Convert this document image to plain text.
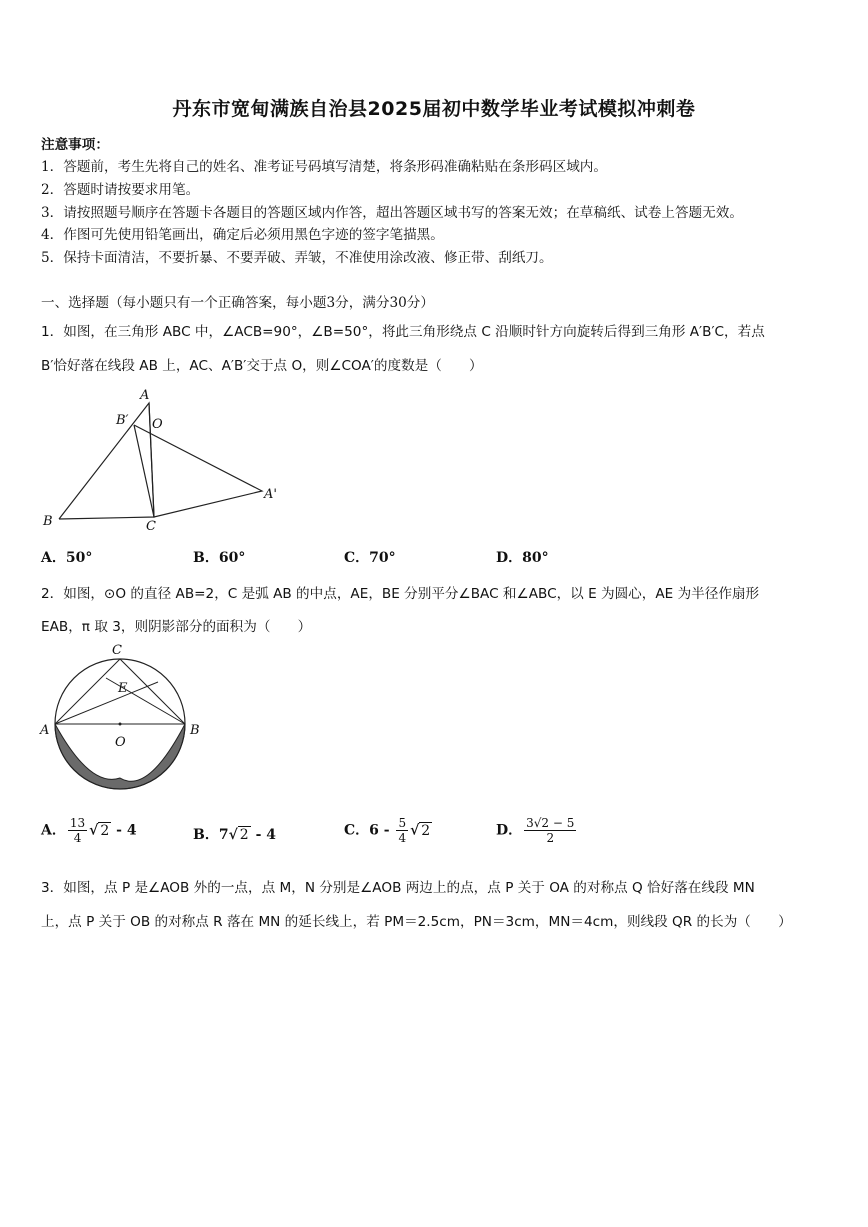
丹东市宽甸满族自治县2025届初中数学毕业考试模拟冲刺卷
注意事项：
1．答题前，考生先将自己的姓名、准考证号码填写清楚，将条形码准确粘贴在条形码区域内。
2．答题时请按要求用笔。
3．请按照题号顺序在答题卡各题目的答题区域内作答，超出答题区域书写的答案无效；在草稿纸、试卷上答题无效。
4．作图可先使用铅笔画出，确定后必须用黑色字迹的签字笔描黑。
5．保持卡面清洁，不要折暴、不要弄破、弄皱，不准使用涂改液、修正带、刮纸刀。
一、选择题（每小题只有一个正确答案，每小题3分，满分30分）
1．如图，在三角形 ABC 中，∠ACB=90°，∠B=50°，将此三角形绕点 C 沿顺时针方向旋转后得到三角形 A′B′C，若点
B′恰好落在线段 AB 上，AC、A′B′交于点 O，则∠COA′的度数是（　　）
A
B	C
B′ O
A'
A．50°	B．60°	C．70°	D．80°
2．如图，⊙O 的直径 AB=2，C 是弧 AB 的中点，AE，BE 分别平分∠BAC 和∠ABC，以 E 为圆心，AE 为半径作扇形
EAB，π 取 3，则阴影部分的面积为（　　）
C
E
A	B
O
A． $\frac{13}{4}$ √ 2 - 4	B．7√ 2 - 4	C．$6 - \frac{5}{4}$ √ 2	D． $\frac{3√2 - 5}{2}$
3．如图，点 P 是∠AOB 外的一点，点 M，N 分别是∠AOB 两边上的点，点 P 关于 OA 的对称点 Q 恰好落在线段 MN
上，点 P 关于 OB 的对称点 R 落在 MN 的延长线上，若 PM＝2.5cm，PN＝3cm，MN＝4cm，则线段 QR 的长为（　　）
